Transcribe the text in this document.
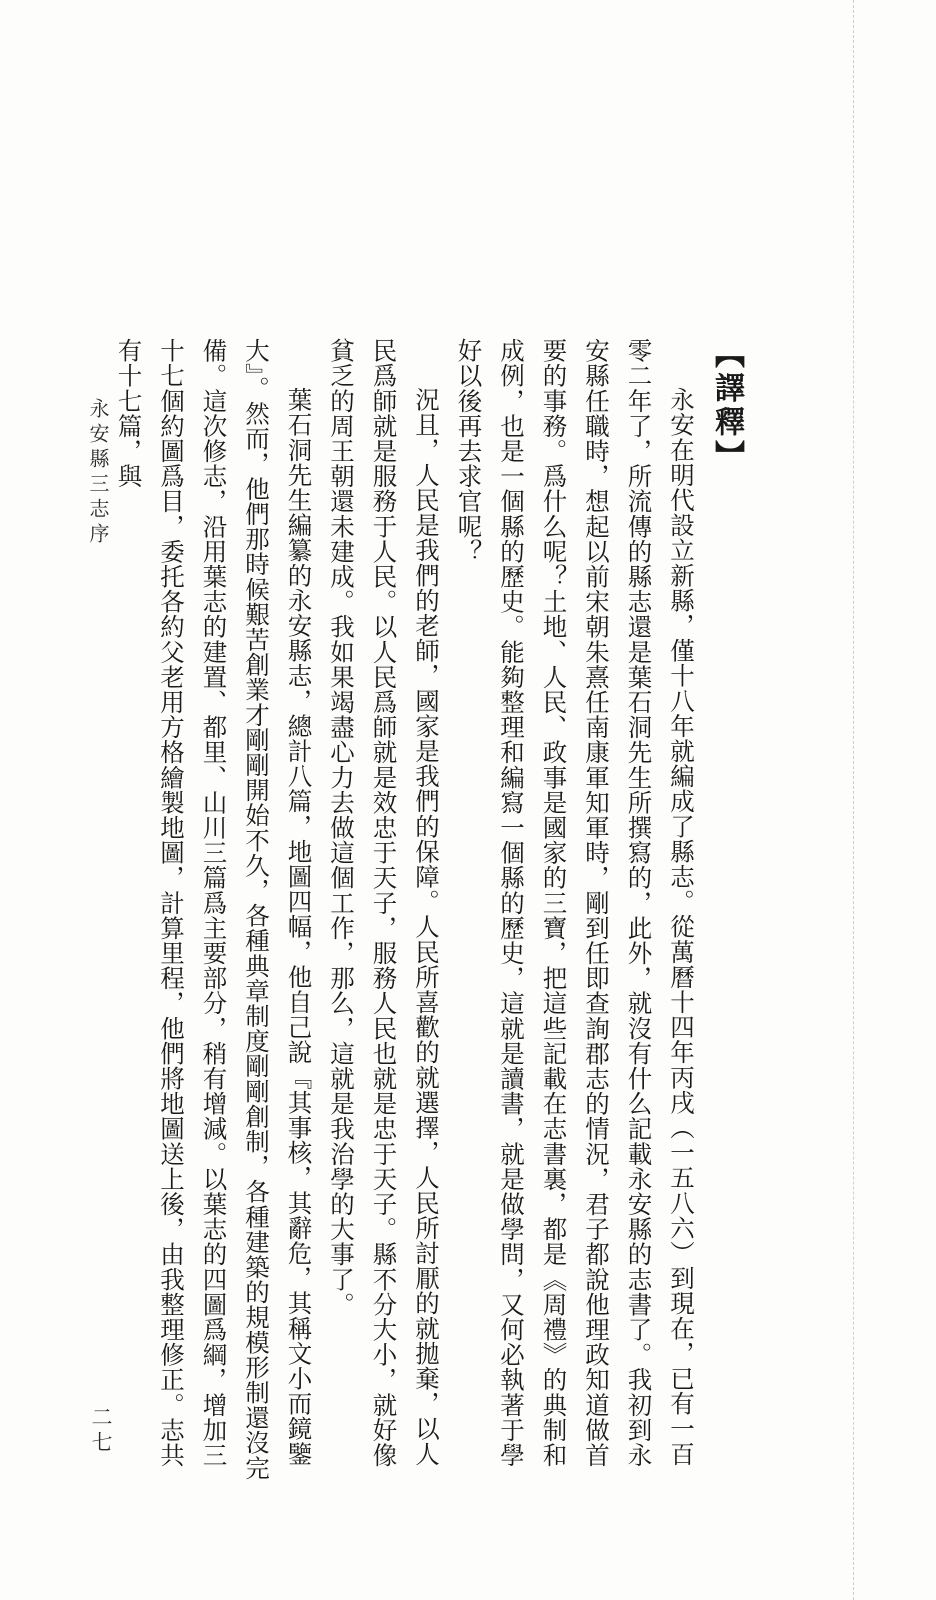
【譯釋】

永安在明代設立新縣，僅十八年就編成了縣志。從萬曆十四年丙戌（一五八六）到現在，已有一百零二年了，所流傳的縣志還是葉石洞先生所撰寫的，此外，就沒有什么記載永安縣的志書了。我初到永安縣任職時，想起以前宋朝朱熹任南康軍知軍時，剛到任即查詢郡志的情況，君子都說他理政知道做首要的事務。爲什么呢？土地、人民、政事是國家的三寶，把這些記載在志書裏，都是《周禮》的典制和成例，也是一個縣的歷史。能夠整理和編寫一個縣的歷史，這就是讀書，就是做學問，又何必執著于學好以後再去求官呢？

況且，人民是我們的老師，國家是我們的保障。人民所喜歡的就選擇，人民所討厭的就拋棄，以人民爲師就是服務于人民。以人民爲師就是效忠于天子，服務人民也就是忠于天子。縣不分大小，就好像貧乏的周王朝還未建成。我如果竭盡心力去做這個工作，那么，這就是我治學的大事了。

葉石洞先生編纂的永安縣志，總計八篇，地圖四幅，他自己說『其事核，其辭危，其稱文小而鏡鑒大』。然而，他們那時候艱苦創業才剛剛開始不久，各種典章制度剛剛創制，各種建築的規模形制還沒完備。這次修志，沿用葉志的建置、都里、山川三篇爲主要部分，稍有增減。以葉志的四圖爲綱，增加三十七個約圖爲目，委托各約父老用方格繪製地圖，計算里程，他們將地圖送上後，由我整理修正。志共有十七篇，與

永安縣三志序
二七
